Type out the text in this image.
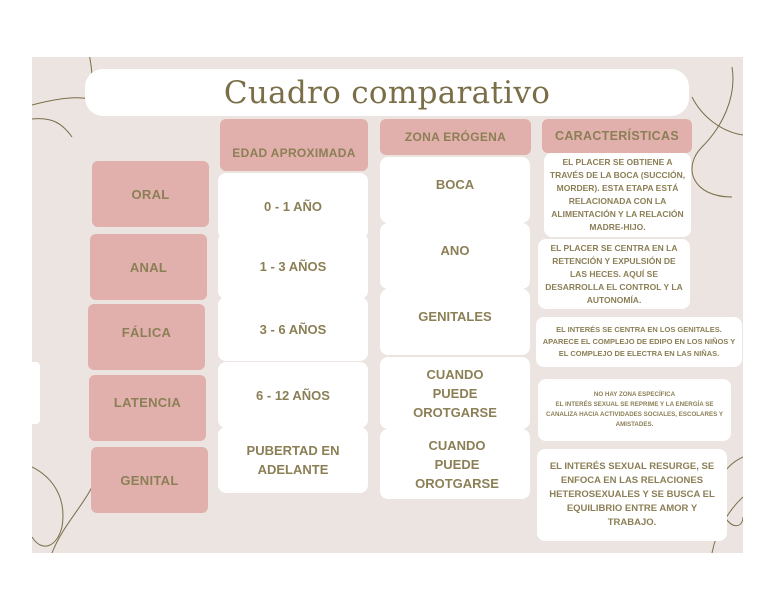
Cuadro comparativo
EDAD APROXIMADA
ZONA ERÓGENA	CARACTERÍSTICAS
ORAL
ANAL
FÁLICA
LATENCIA
GENITAL
0 - 1 AÑO
1 - 3 AÑOS
3 - 6 AÑOS
6 - 12 AÑOS
PUBERTAD EN ADELANTE
BOCA
ANO
GENITALES
CUANDO PUEDE OROTGARSE
CUANDO PUEDE OROTGARSE
EL PLACER SE OBTIENE A TRAVÉS DE LA BOCA (SUCCIÓN, MORDER). ESTA ETAPA ESTÁ RELACIONADA CON LA ALIMENTACIÓN Y LA RELACIÓN MADRE-HIJO.
EL PLACER SE CENTRA EN LA RETENCIÓN Y EXPULSIÓN DE LAS HECES. AQUÍ SE DESARROLLA EL CONTROL Y LA AUTONOMÍA.
EL INTERÉS SE CENTRA EN LOS GENITALES. APARECE EL COMPLEJO DE EDIPO EN LOS NIÑOS Y EL COMPLEJO DE ELECTRA EN LAS NIÑAS.
NO HAY ZONA ESPECÍFICA
EL INTERÉS SEXUAL SE REPRIME Y LA ENERGÍA SE CANALIZA HACIA ACTIVIDADES SOCIALES, ESCOLARES Y AMISTADES.
EL INTERÉS SEXUAL RESURGE, SE ENFOCA EN LAS RELACIONES HETEROSEXUALES Y SE BUSCA EL EQUILIBRIO ENTRE AMOR Y TRABAJO.
